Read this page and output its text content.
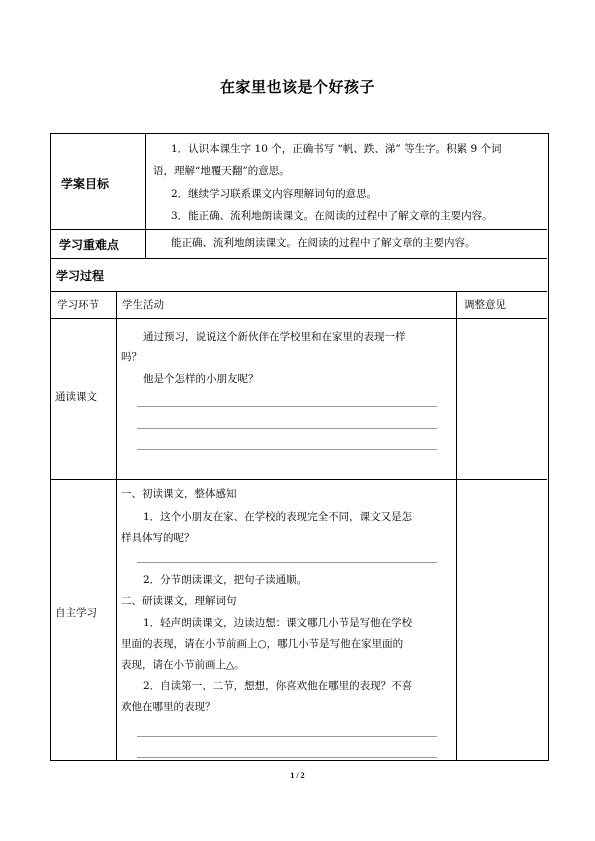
在家里也该是个好孩子
学案目标
1．认识本课生字 10 个，正确书写 “帆、跌、涕” 等生字。积累 9 个词
语，理解“地覆天翻”的意思。
2．继续学习联系课文内容理解词句的意思。
3．能正确、流利地朗读课文。在阅读的过程中了解文章的主要内容。
学习重难点	能正确、流利地朗读课文。在阅读的过程中了解文章的主要内容。
学习过程
学习环节 学生活动	调整意见
通读课文
通过预习，说说这个新伙伴在学校里和在家里的表现一样
吗？
他是个怎样的小朋友呢？
自主学习
一、初读课文，整体感知
1．这个小朋友在家、在学校的表现完全不同，课文又是怎
样具体写的呢？
2．分节朗读课文，把句子读通顺。
二、研读课文，理解词句
1．轻声朗读课文，边读边想：课文哪几小节是写他在学校
里面的表现，请在小节前画上○，哪几小节是写他在家里面的
表现，请在小节前画上△。
2．自读第一、二节，想想，你喜欢他在哪里的表现？不喜
欢他在哪里的表现？
1 / 2
